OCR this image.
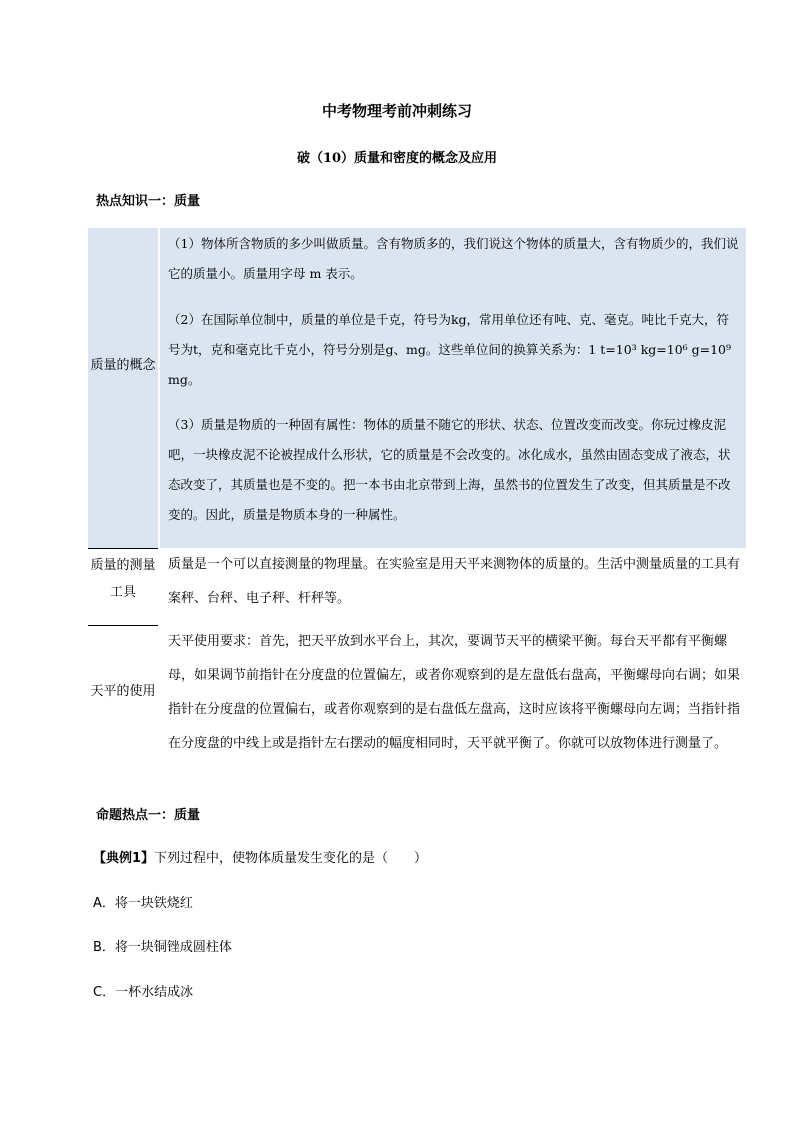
中考物理考前冲刺练习
破（10）质量和密度的概念及应用
热点知识一：质量
质量的概念
（1）物体所含物质的多少叫做质量。含有物质多的，我们说这个物体的质量大，含有物质少的，我们说它的质量小。质量用字母 m 表示。
（2）在国际单位制中，质量的单位是千克，符号为kg，常用单位还有吨、克、毫克。吨比千克大，符号为t，克和毫克比千克小，符号分别是g、mg。这些单位间的换算关系为：1 t=10³ kg=10⁶ g=10⁹ mg。
（3）质量是物质的一种固有属性：物体的质量不随它的形状、状态、位置改变而改变。你玩过橡皮泥吧，一块橡皮泥不论被捏成什么形状，它的质量是不会改变的。冰化成水，虽然由固态变成了液态，状态改变了，其质量也是不变的。把一本书由北京带到上海，虽然书的位置发生了改变，但其质量是不改变的。因此，质量是物质本身的一种属性。
质量的测量工具
质量是一个可以直接测量的物理量。在实验室是用天平来测物体的质量的。生活中测量质量的工具有案秤、台秤、电子秤、杆秤等。
天平的使用
天平使用要求：首先，把天平放到水平台上，其次，要调节天平的横梁平衡。每台天平都有平衡螺母，如果调节前指针在分度盘的位置偏左，或者你观察到的是左盘低右盘高，平衡螺母向右调；如果指针在分度盘的位置偏右，或者你观察到的是右盘低左盘高，这时应该将平衡螺母向左调；当指针指在分度盘的中线上或是指针左右摆动的幅度相同时，天平就平衡了。你就可以放物体进行测量了。
命题热点一：质量
【典例1】下列过程中，使物体质量发生变化的是（　　）
A．将一块铁烧红
B．将一块铜锉成圆柱体
C．一杯水结成冰
